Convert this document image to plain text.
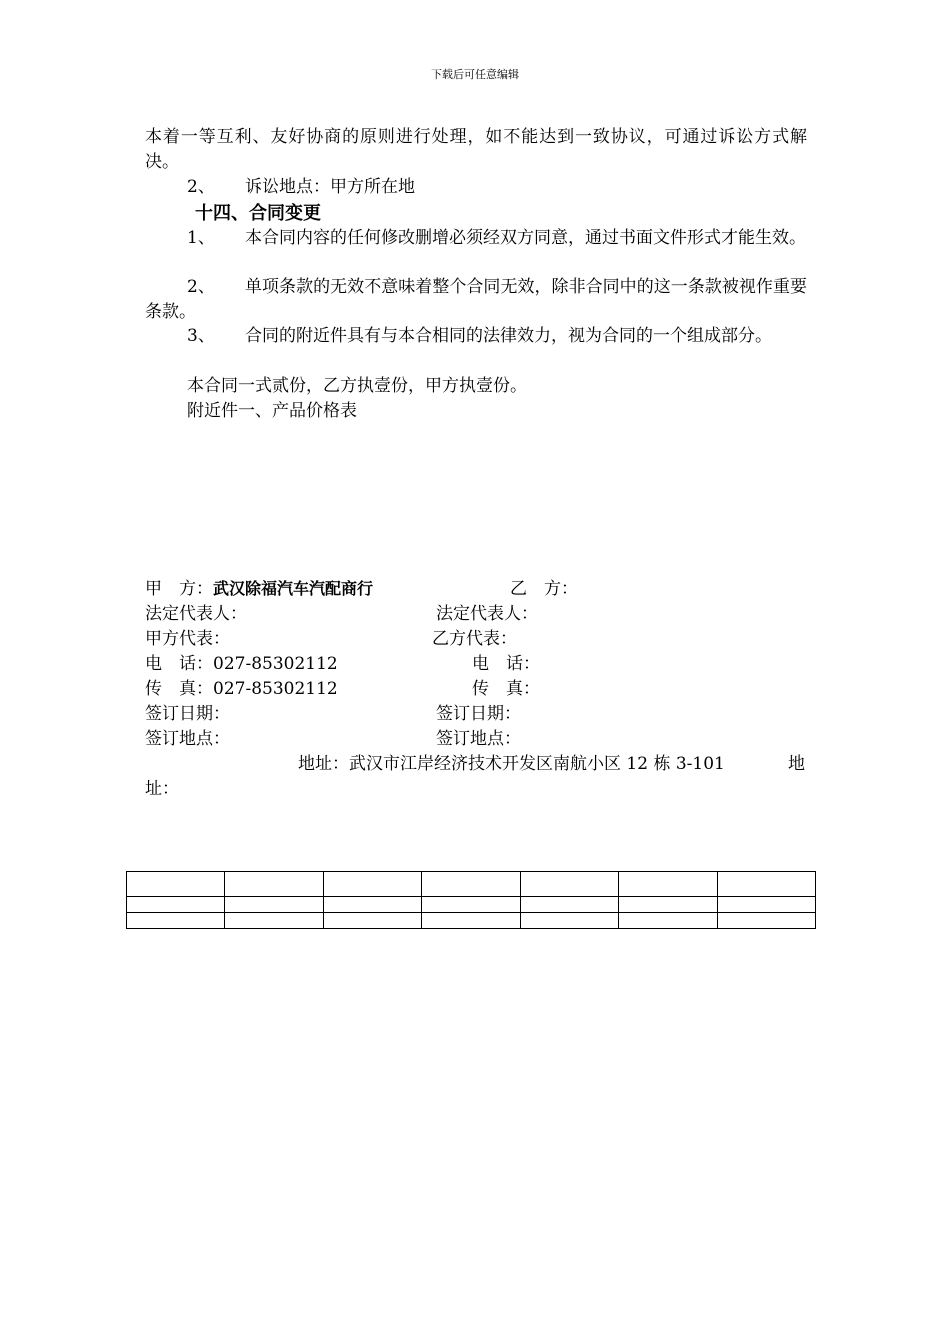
下载后可任意编辑
本着一等互利、友好协商的原则进行处理，如不能达到一致协议，可通过诉讼方式解决。
2、 诉讼地点：甲方所在地
十四、合同变更
1、	本合同内容的任何修改删增必须经双方同意，通过书面文件形式才能生效。
2、	单项条款的无效不意味着整个合同无效，除非合同中的这一条款被视作重要条款。
3、	合同的附近件具有与本合相同的法律效力，视为合同的一个组成部分。
本合同一式贰份，乙方执壹份，甲方执壹份。
附近件一、产品价格表
甲　方：武汉除福汽车汽配商行	乙　方：
法定代表人：	法定代表人：
甲方代表：	乙方代表：
电　话：027-85302112	电　话：
传　真：027-85302112	传　真：
签订日期：	签订日期：
签订地点：	签订地点：
地址：武汉市江岸经济技术开发区南航小区 12 栋 3-101	地
址：
